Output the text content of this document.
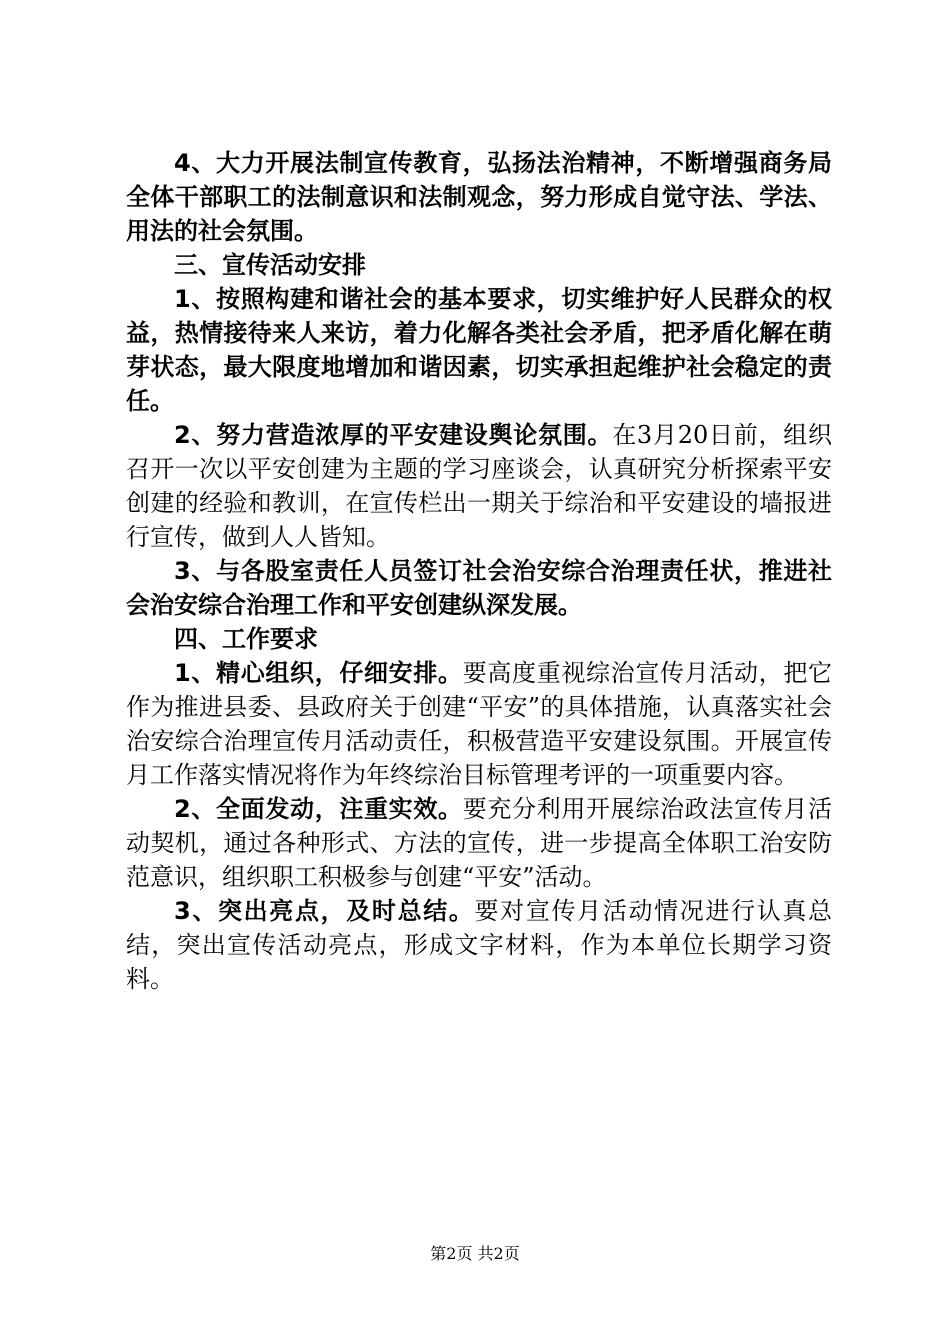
4、大力开展法制宣传教育，弘扬法治精神，不断增强商务局全体干部职工的法制意识和法制观念，努力形成自觉守法、学法、用法的社会氛围。

三、宣传活动安排

1、按照构建和谐社会的基本要求，切实维护好人民群众的权益，热情接待来人来访，着力化解各类社会矛盾，把矛盾化解在萌芽状态，最大限度地增加和谐因素，切实承担起维护社会稳定的责任。

2、努力营造浓厚的平安建设舆论氛围。在3月20日前，组织召开一次以平安创建为主题的学习座谈会，认真研究分析探索平安创建的经验和教训，在宣传栏出一期关于综治和平安建设的墙报进行宣传，做到人人皆知。

3、与各股室责任人员签订社会治安综合治理责任状，推进社会治安综合治理工作和平安创建纵深发展。

四、工作要求

1、精心组织，仔细安排。要高度重视综治宣传月活动，把它作为推进县委、县政府关于创建“平安”的具体措施，认真落实社会治安综合治理宣传月活动责任，积极营造平安建设氛围。开展宣传月工作落实情况将作为年终综治目标管理考评的一项重要内容。

2、全面发动，注重实效。要充分利用开展综治政法宣传月活动契机，通过各种形式、方法的宣传，进一步提高全体职工治安防范意识，组织职工积极参与创建“平安”活动。

3、突出亮点，及时总结。要对宣传月活动情况进行认真总结，突出宣传活动亮点，形成文字材料，作为本单位长期学习资料。

第2页 共2页
